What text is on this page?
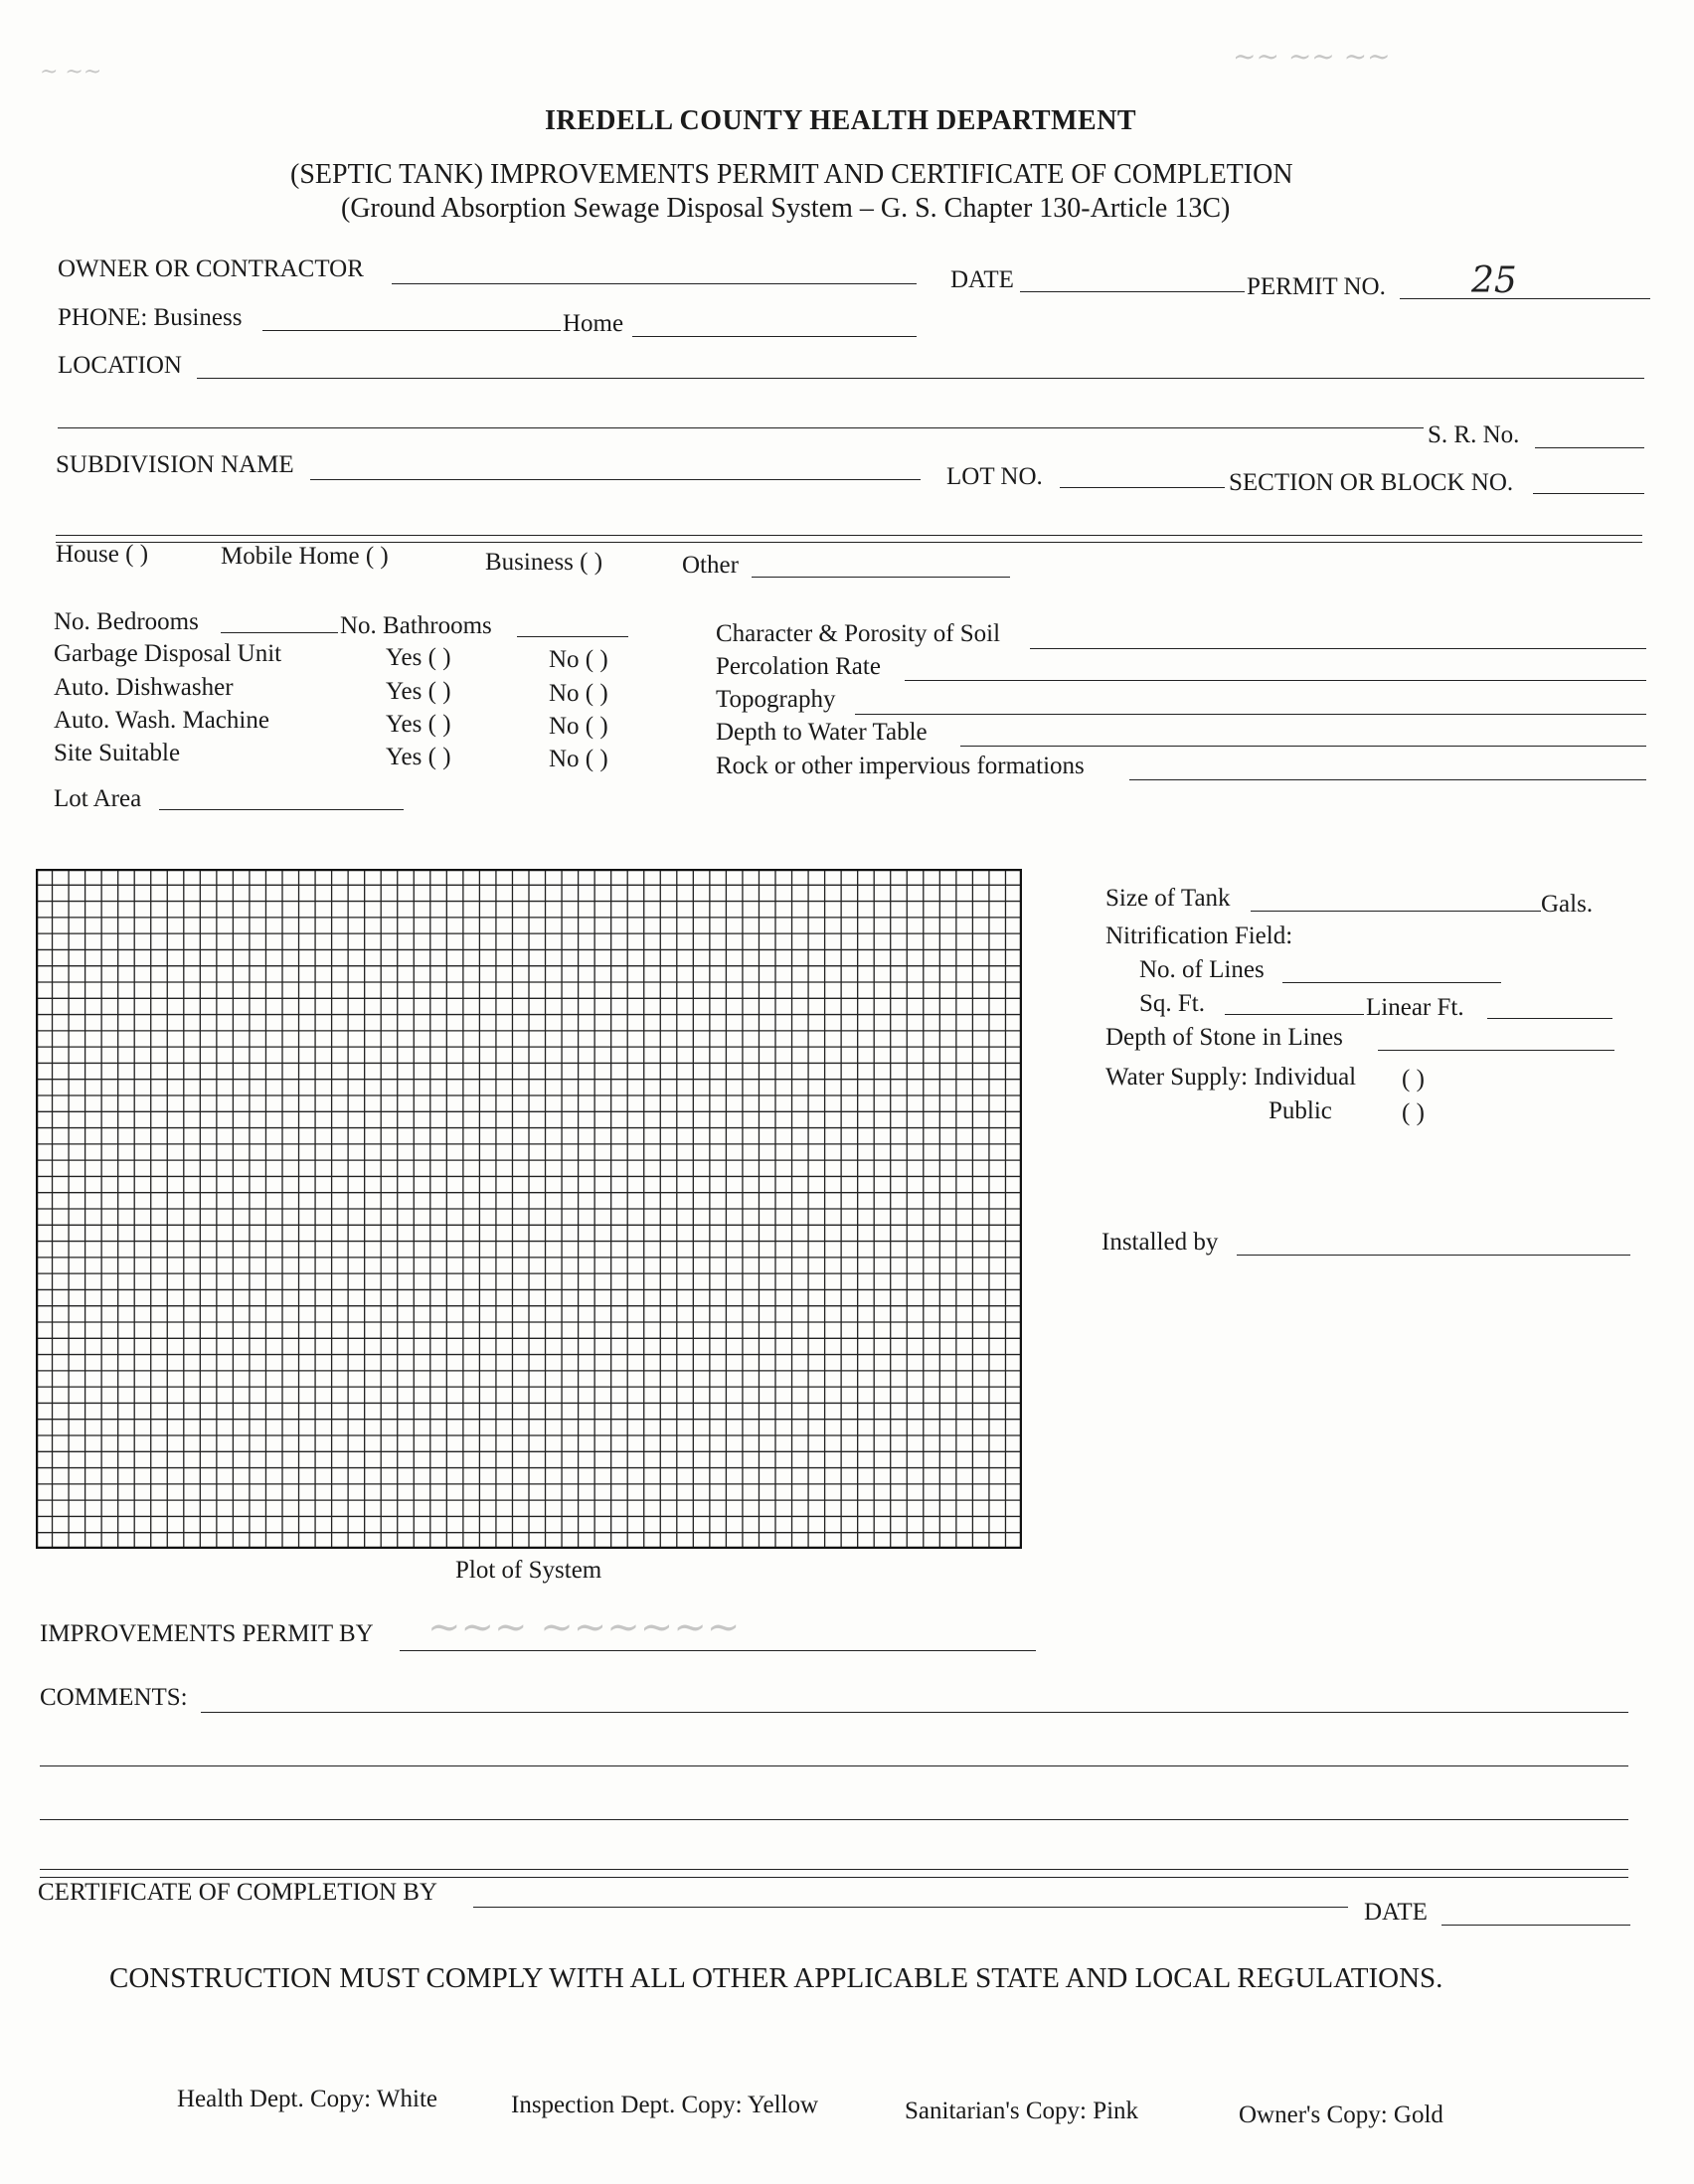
IREDELL COUNTY HEALTH DEPARTMENT
(SEPTIC TANK) IMPROVEMENTS PERMIT AND CERTIFICATE OF COMPLETION
(Ground Absorption Sewage Disposal System – G. S. Chapter 130-Article 13C)
~ ~~	~~ ~~ ~~
OWNER OR CONTRACTOR	DATE	PERMIT NO. 25
PHONE: Business	Home
LOCATION
S. R. No.
SUBDIVISION NAME	LOT NO.	SECTION OR BLOCK NO.
House ( )	Mobile Home ( )	Business ( )	Other
No. Bedrooms	No. Bathrooms
Garbage Disposal Unit	Yes ( )	No ( )
Auto. Dishwasher	Yes ( )	No ( )
Auto. Wash. Machine	Yes ( )	No ( )
Site Suitable	Yes ( )	No ( )
Lot Area
Character & Porosity of Soil
Percolation Rate
Topography
Depth to Water Table
Rock or other impervious formations
Plot of System
Size of Tank	Gals.
Nitrification Field:
No. of Lines
Sq. Ft.	Linear Ft.
Depth of Stone in Lines
Water Supply: Individual ( )
Public	( )
Installed by
IMPROVEMENTS PERMIT BY ~~~ ~~~~~~
COMMENTS:
CERTIFICATE OF COMPLETION BY
DATE
CONSTRUCTION MUST COMPLY WITH ALL OTHER APPLICABLE STATE AND LOCAL REGULATIONS.
Health Dept. Copy: White	Inspection Dept. Copy: Yellow	Sanitarian's Copy: Pink	Owner's Copy: Gold
